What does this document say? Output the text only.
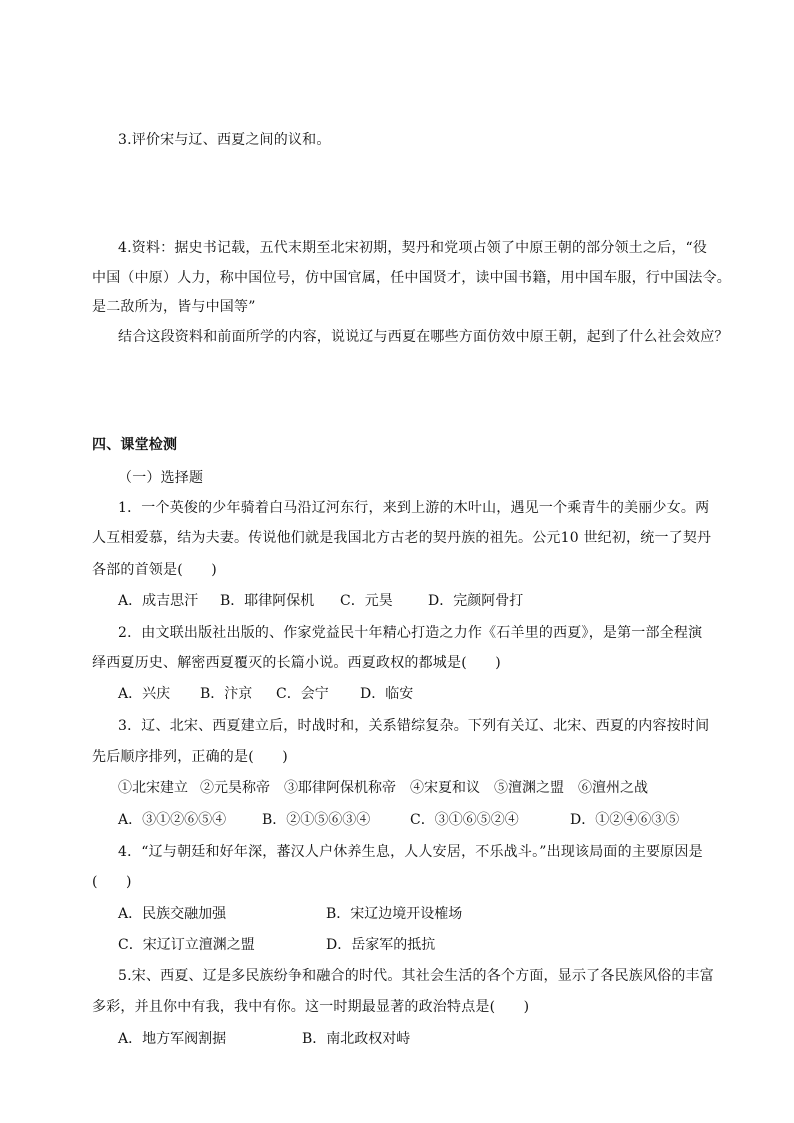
3.评价宋与辽、西夏之间的议和。
4.资料：据史书记载，五代末期至北宋初期，契丹和党项占领了中原王朝的部分领土之后，“役
中国（中原）人力，称中国位号，仿中国官属，任中国贤才，读中国书籍，用中国车服，行中国法令。
是二敌所为，皆与中国等”
结合这段资料和前面所学的内容，说说辽与西夏在哪些方面仿效中原王朝，起到了什么社会效应？
四、课堂检测
（一）选择题
1．一个英俊的少年骑着白马沿辽河东行，来到上游的木叶山，遇见一个乘青牛的美丽少女。两
人互相爱慕，结为夫妻。传说他们就是我国北方古老的契丹族的祖先。公元10 世纪初，统一了契丹
各部的首领是(　　)
A．成吉思汗 B．耶律阿保机 C．元昊	D．完颜阿骨打
2．由文联出版社出版的、作家党益民十年精心打造之力作《石羊里的西夏》，是第一部全程演
绎西夏历史、解密西夏覆灭的长篇小说。西夏政权的都城是(　　)
A．兴庆 B．汴京 C．会宁 D．临安
3．辽、北宋、西夏建立后，时战时和，关系错综复杂。下列有关辽、北宋、西夏的内容按时间
先后顺序排列，正确的是(　　)
①北宋建立 ②元昊称帝 ③耶律阿保机称帝 ④宋夏和议 ⑤澶渊之盟 ⑥澶州之战
A．③①②⑥⑤④	B．②①⑤⑥③④	C．③①⑥⑤②④	D．①②④⑥③⑤
4．“辽与朝廷和好年深，蕃汉人户休养生息，人人安居，不乐战斗。”出现该局面的主要原因是
(　　)
A．民族交融加强	B．宋辽边境开设榷场
C．宋辽订立澶渊之盟	D．岳家军的抵抗
5.宋、西夏、辽是多民族纷争和融合的时代。其社会生活的各个方面，显示了各民族风俗的丰富
多彩，并且你中有我，我中有你。这一时期最显著的政治特点是(　　)
A．地方军阀割据	B．南北政权对峙
